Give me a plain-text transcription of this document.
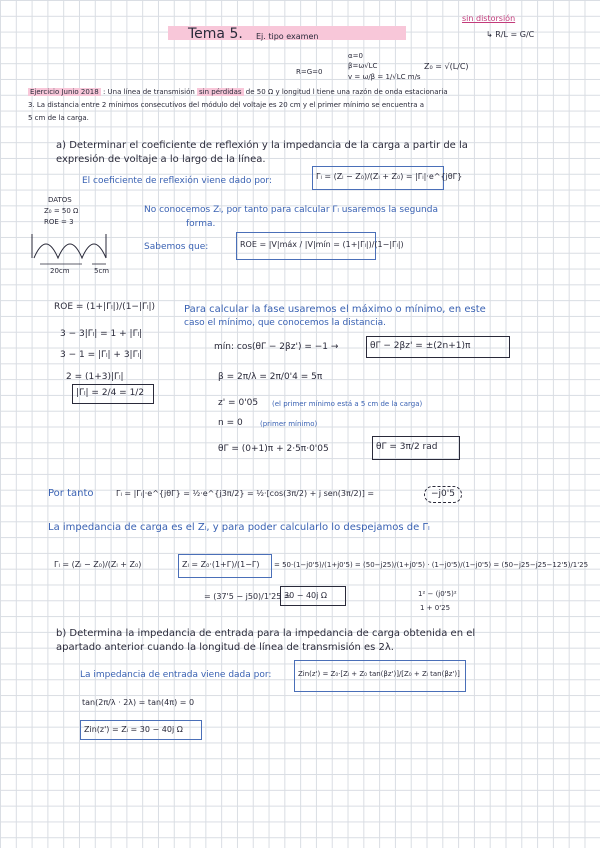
Tema 5. Ej. tipo examen
sin distorsión
↳ R/L = G/C
R=G=0
α=0
β=ω√LC
v = ω/β = 1/√LC m/s
Z₀ = √(L/C)
Ejercicio Junio 2018 : Una línea de transmisión sin pérdidas de 50 Ω y longitud l tiene una razón de onda estacionaria
3. La distancia entre 2 mínimos consecutivos del módulo del voltaje es 20 cm y el primer mínimo se encuentra a
5 cm de la carga.
a) Determinar el coeficiente de reflexión y la impedancia de la carga a partir de la
expresión de voltaje a lo largo de la línea.
El coeficiente de reflexión viene dado por:	Γₗ = (Zₗ − Z₀)/(Zₗ + Z₀) = |Γₗ|·e^{jθΓ}
DATOS
Z₀ = 50 Ω
ROE = 3
20cm	5cm
No conocemos Zₗ, por tanto para calcular Γₗ usaremos la segunda
forma.
Sabemos que:	ROE = |V|máx / |V|mín = (1+|Γₗ|)/(1−|Γₗ|)
ROE = (1+|Γₗ|)/(1−|Γₗ|)
3 − 3|Γₗ| = 1 + |Γₗ|
3 − 1 = |Γₗ| + 3|Γₗ|
2 = (1+3)|Γₗ|
|Γₗ| = 2/4 = 1/2
Para calcular la fase usaremos el máximo o mínimo, en este
caso el mínimo, que conocemos la distancia.
mín: cos(θΓ − 2βz') = −1 →	θΓ − 2βz' = ±(2n+1)π
β = 2π/λ = 2π/0'4 = 5π
z' = 0'05 (el primer mínimo está a 5 cm de la carga)
n = 0 (primer mínimo)
θΓ = (0+1)π + 2·5π·0'05	θΓ = 3π/2 rad
Por tanto	Γₗ = |Γₗ|·e^{jθΓ} = ½·e^{j3π/2} = ½·[cos(3π/2) + j sen(3π/2)] =	−j0'5
La impedancia de carga es el Zₗ, y para poder calcularlo lo despejamos de Γₗ
Γₗ = (Zₗ − Z₀)/(Zₗ + Z₀)	Zₗ = Z₀·(1+Γ)/(1−Γ) = 50·(1−j0'5)/(1+j0'5) = (50−j25)/(1+j0'5) · (1−j0'5)/(1−j0'5) = (50−j25−j25−12'5)/1'25
= (37'5 − j50)/1'25 =
30 − 40j Ω	1² − (j0'5)²
1 + 0'25
b) Determina la impedancia de entrada para la impedancia de carga obtenida en el
apartado anterior cuando la longitud de línea de transmisión es 2λ.
La impedancia de entrada viene dada por:	Zin(z') = Z₀·[Zₗ + Z₀ tan(βz')]/[Z₀ + Zₗ tan(βz')]
tan(2π/λ · 2λ) = tan(4π) = 0
Zin(z') = Zₗ = 30 − 40j Ω
